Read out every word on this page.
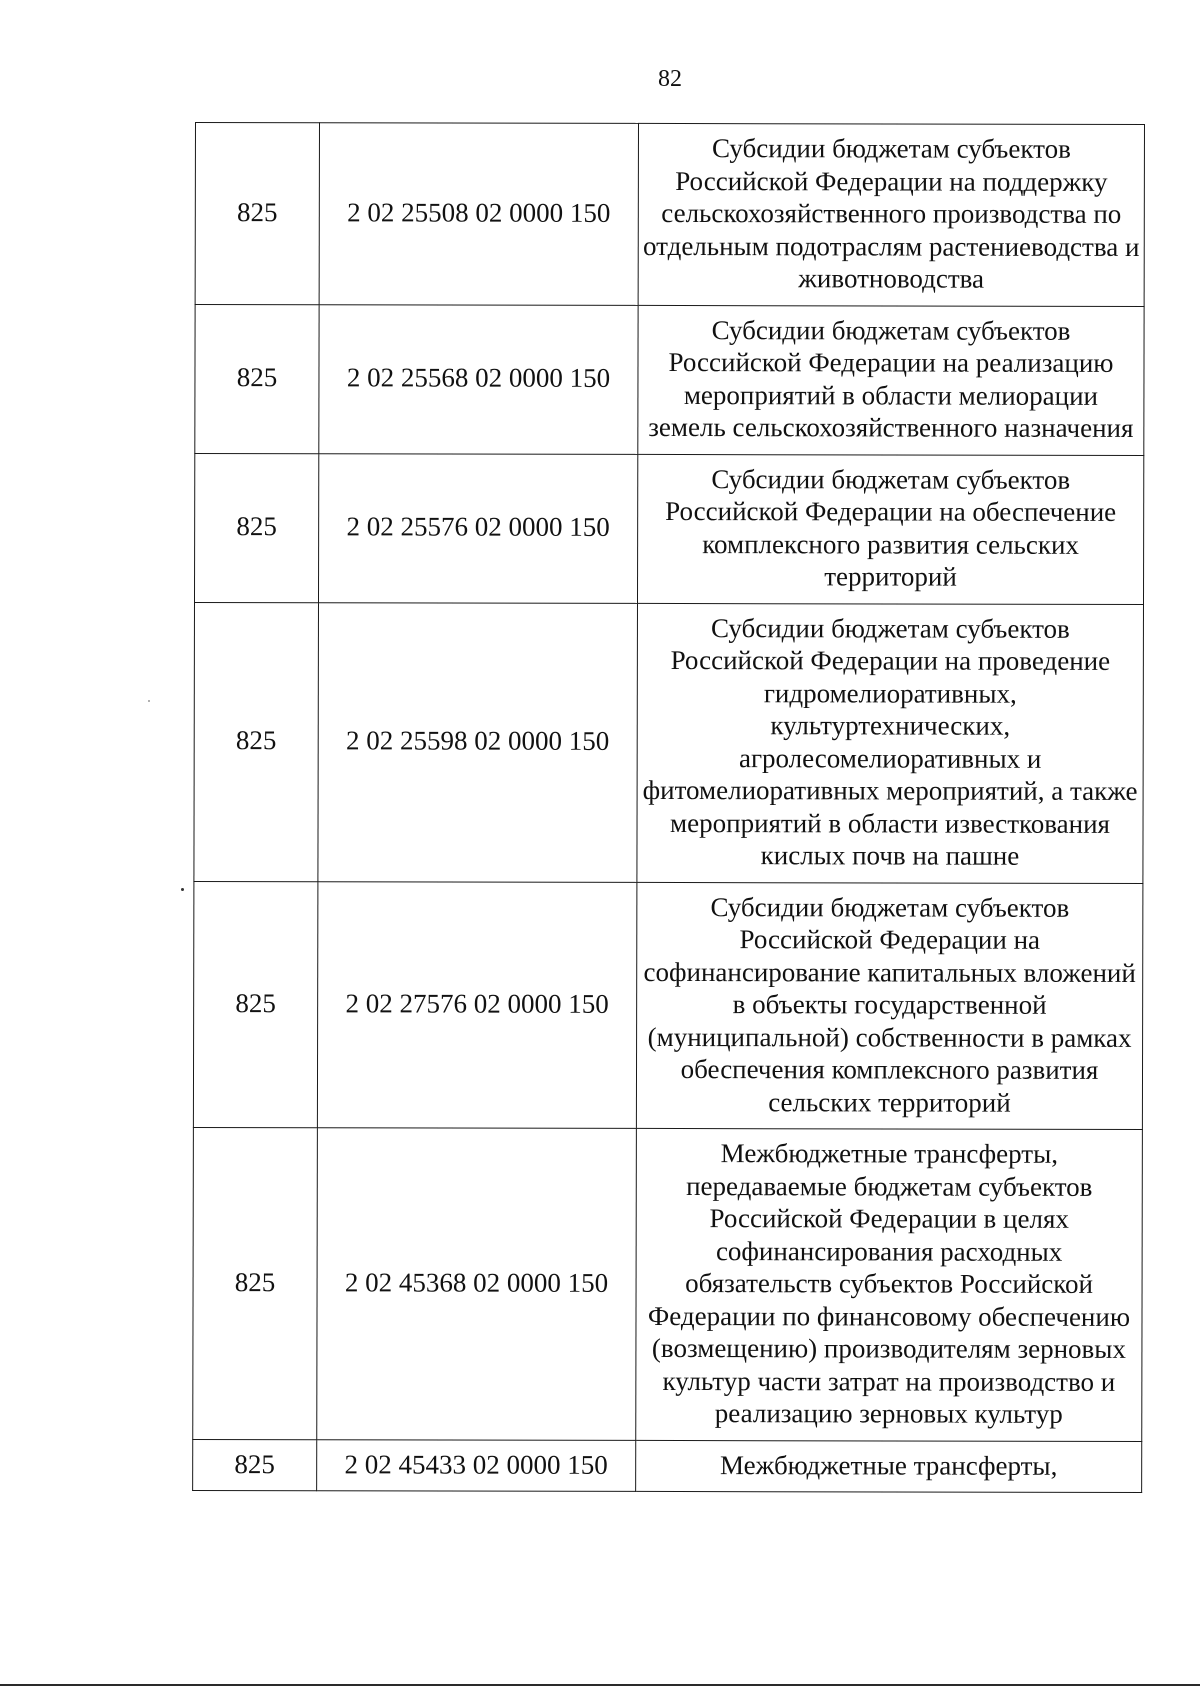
82
825	2 02 25508 02 0000 150	Субсидии бюджетам субъектов Российской Федерации на поддержку сельскохозяйственного производства по отдельным подотраслям растениеводства и животноводства
825	2 02 25568 02 0000 150	Субсидии бюджетам субъектов Российской Федерации на реализацию мероприятий в области мелиорации земель сельскохозяйственного назначения
825	2 02 25576 02 0000 150	Субсидии бюджетам субъектов Российской Федерации на обеспечение комплексного развития сельских территорий
825	2 02 25598 02 0000 150	Субсидии бюджетам субъектов Российской Федерации на проведение гидромелиоративных, культуртехнических, агролесомелиоративных и фитомелиоративных мероприятий, а также мероприятий в области известкования кислых почв на пашне
825	2 02 27576 02 0000 150	Субсидии бюджетам субъектов Российской Федерации на софинансирование капитальных вложений в объекты государственной (муниципальной) собственности в рамках обеспечения комплексного развития сельских территорий
825	2 02 45368 02 0000 150	Межбюджетные трансферты, передаваемые бюджетам субъектов Российской Федерации в целях софинансирования расходных обязательств субъектов Российской Федерации по финансовому обеспечению (возмещению) производителям зерновых культур части затрат на производство и реализацию зерновых культур
825	2 02 45433 02 0000 150	Межбюджетные трансферты,
